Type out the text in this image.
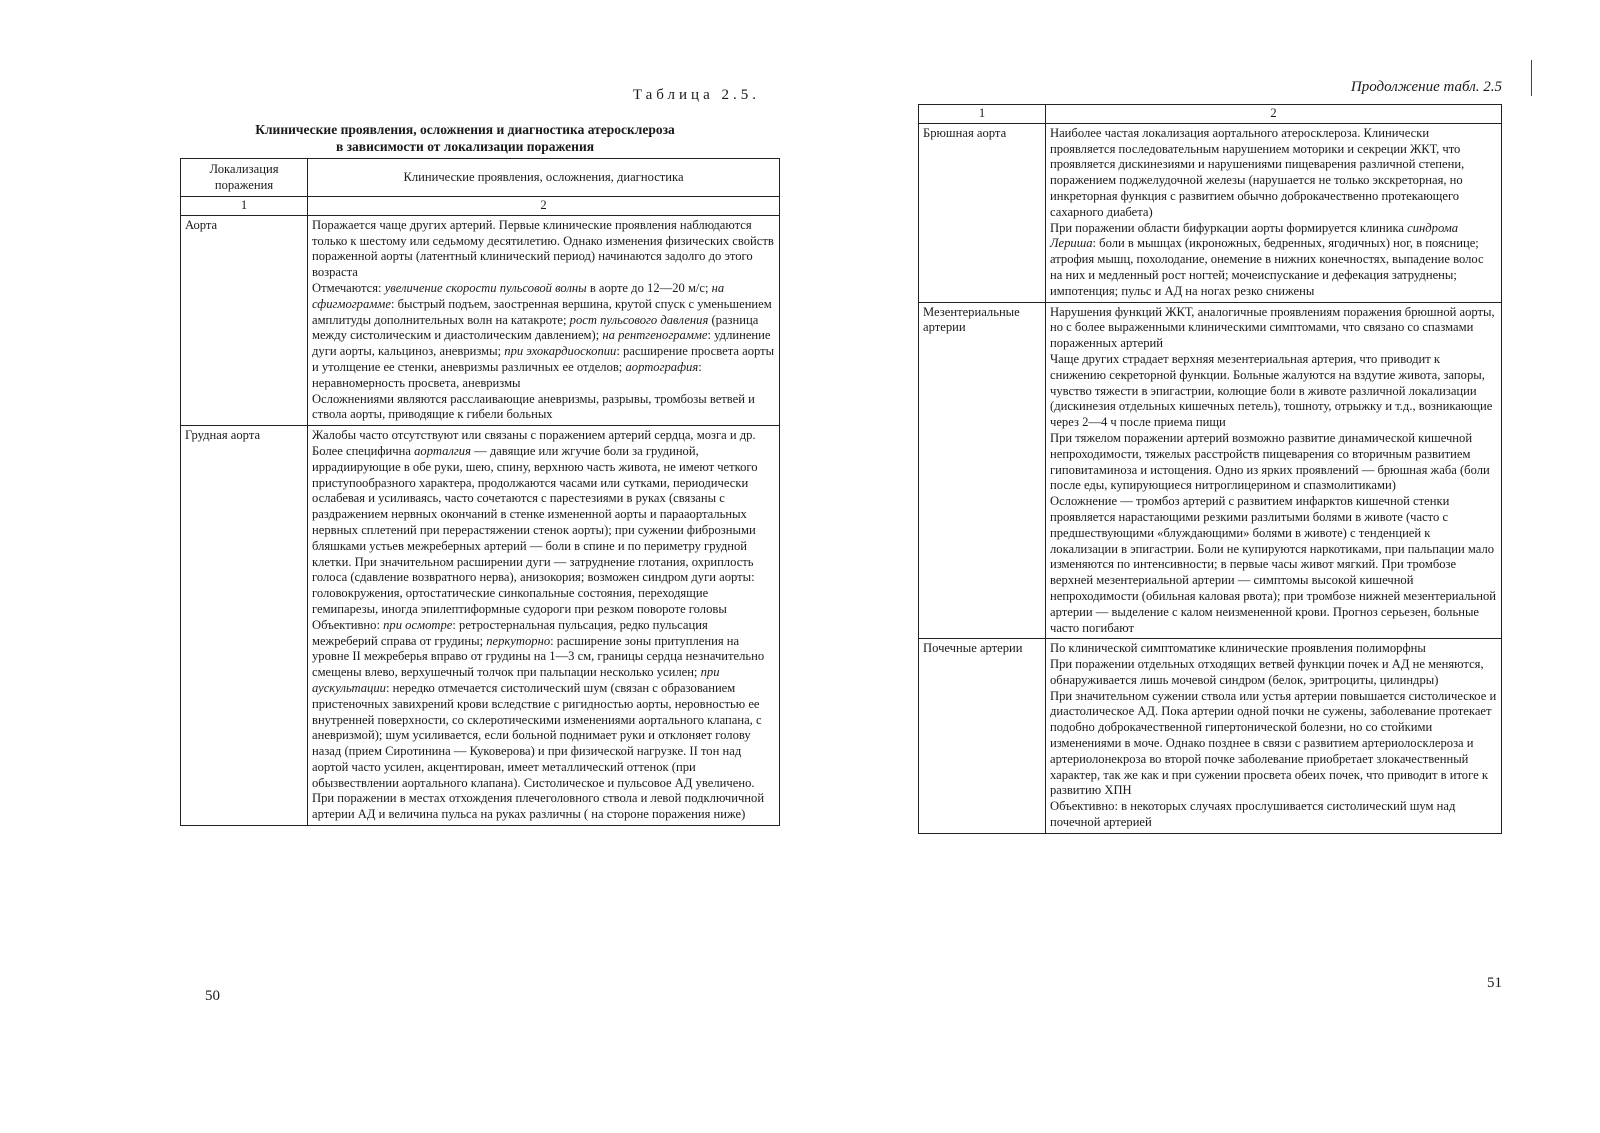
Таблица 2.5.
Клинические проявления, осложнения и диагностика атеросклероза
в зависимости от локализации поражения
Локализация поражения	Клинические проявления, осложнения, диагностика
1	2
Аорта	Поражается чаще других артерий. Первые клинические проявления наблюдаются только к шестому или седьмому десятилетию. Однако изменения физических свойств пораженной аорты (латентный клинический период) начинаются задолго до этого возраста
Отмечаются: увеличение скорости пульсовой волны в аорте до 12—20 м/с; на сфигмограмме: быстрый подъем, заостренная вершина, крутой спуск с уменьшением амплитуды дополнительных волн на катакроте; рост пульсового давления (разница между систолическим и диастолическим давлением); на рентгенограмме: удлинение дуги аорты, кальциноз, аневризмы; при эхокардиоскопии: расширение просвета аорты и утолщение ее стенки, аневризмы различных ее отделов; аортография: неравномерность просвета, аневризмы
Осложнениями являются расслаивающие аневризмы, разрывы, тромбозы ветвей и ствола аорты, приводящие к гибели больных
Грудная аорта	Жалобы часто отсутствуют или связаны с поражением артерий сердца, мозга и др. Более специфична аорталгия — давящие или жгучие боли за грудиной, иррадиирующие в обе руки, шею, спину, верхнюю часть живота, не имеют четкого приступообразного характера, продолжаются часами или сутками, периодически ослабевая и усиливаясь, часто сочетаются с парестезиями в руках (связаны с раздражением нервных окончаний в стенке измененной аорты и парааортальных нервных сплетений при перерастяжении стенок аорты); при сужении фиброзными бляшками устьев межреберных артерий — боли в спине и по периметру грудной клетки. При значительном расширении дуги — затруднение глотания, охриплость голоса (сдавление возвратного нерва), анизокория; возможен синдром дуги аорты: головокружения, ортостатические синкопальные состояния, переходящие гемипарезы, иногда эпилептиформные судороги при резком повороте головы
Объективно: при осмотре: ретростернальная пульсация, редко пульсация межреберий справа от грудины; перкуторно: расширение зоны притупления на уровне II межреберья вправо от грудины на 1—3 см, границы сердца незначительно смещены влево, верхушечный толчок при пальпации несколько усилен; при аускультации: нередко отмечается систолический шум (связан с образованием пристеночных завихрений крови вследствие с ригидностью аорты, неровностью ее внутренней поверхности, со склеротическими изменениями аортального клапана, с аневризмой); шум усиливается, если больной поднимает руки и отклоняет голову назад (прием Сиротинина — Куковерова) и при физической нагрузке. II тон над аортой часто усилен, акцентирован, имеет металлический оттенок (при обызвествлении аортального клапана). Систолическое и пульсовое АД увеличено. При поражении в местах отхождения плечеголовного ствола и левой подключичной артерии АД и величина пульса на руках различны ( на стороне поражения ниже)
50
Продолжение табл. 2.5
1	2
Брюшная аорта	Наиболее частая локализация аортального атеросклероза. Клинически проявляется последовательным нарушением моторики и секреции ЖКТ, что проявляется дискинезиями и нарушениями пищеварения различной степени, поражением поджелудочной железы (нарушается не только экскреторная, но инкреторная функция с развитием обычно доброкачественно протекающего сахарного диабета)
При поражении области бифуркации аорты формируется клиника синдрома Лериша: боли в мышцах (икроножных, бедренных, ягодичных) ног, в пояснице; атрофия мышц, похолодание, онемение в нижних конечностях, выпадение волос на них и медленный рост ногтей; мочеиспускание и дефекация затруднены; импотенция; пульс и АД на ногах резко снижены
Мезентериальные артерии	Нарушения функций ЖКТ, аналогичные проявлениям поражения брюшной аорты, но с более выраженными клиническими симптомами, что связано со спазмами пораженных артерий
Чаще других страдает верхняя мезентериальная артерия, что приводит к снижению секреторной функции. Больные жалуются на вздутие живота, запоры, чувство тяжести в эпигастрии, колющие боли в животе различной локализации (дискинезия отдельных кишечных петель), тошноту, отрыжку и т.д., возникающие через 2—4 ч после приема пищи
При тяжелом поражении артерий возможно развитие динамической кишечной непроходимости, тяжелых расстройств пищеварения со вторичным развитием гиповитаминоза и истощения. Одно из ярких проявлений — брюшная жаба (боли после еды, купирующиеся нитроглицерином и спазмолитиками)
Осложнение — тромбоз артерий с развитием инфарктов кишечной стенки проявляется нарастающими резкими разлитыми болями в животе (часто с предшествующими «блуждающими» болями в животе) с тенденцией к локализации в эпигастрии. Боли не купируются наркотиками, при пальпации мало изменяются по интенсивности; в первые часы живот мягкий. При тромбозе верхней мезентериальной артерии — симптомы высокой кишечной непроходимости (обильная каловая рвота); при тромбозе нижней мезентериальной артерии — выделение с калом неизмененной крови. Прогноз серьезен, больные часто погибают
Почечные артерии	По клинической симптоматике клинические проявления полиморфны
При поражении отдельных отходящих ветвей функции почек и АД не меняются, обнаруживается лишь мочевой синдром (белок, эритроциты, цилиндры)
При значительном сужении ствола или устья артерии повышается систолическое и диастолическое АД. Пока артерии одной почки не сужены, заболевание протекает подобно доброкачественной гипертонической болезни, но со стойкими изменениями в моче. Однако позднее в связи с развитием артериолосклероза и артериолонекроза во второй почке заболевание приобретает злокачественный характер, так же как и при сужении просвета обеих почек, что приводит в итоге к развитию ХПН
Объективно: в некоторых случаях прослушивается систолический шум над почечной артерией
51
